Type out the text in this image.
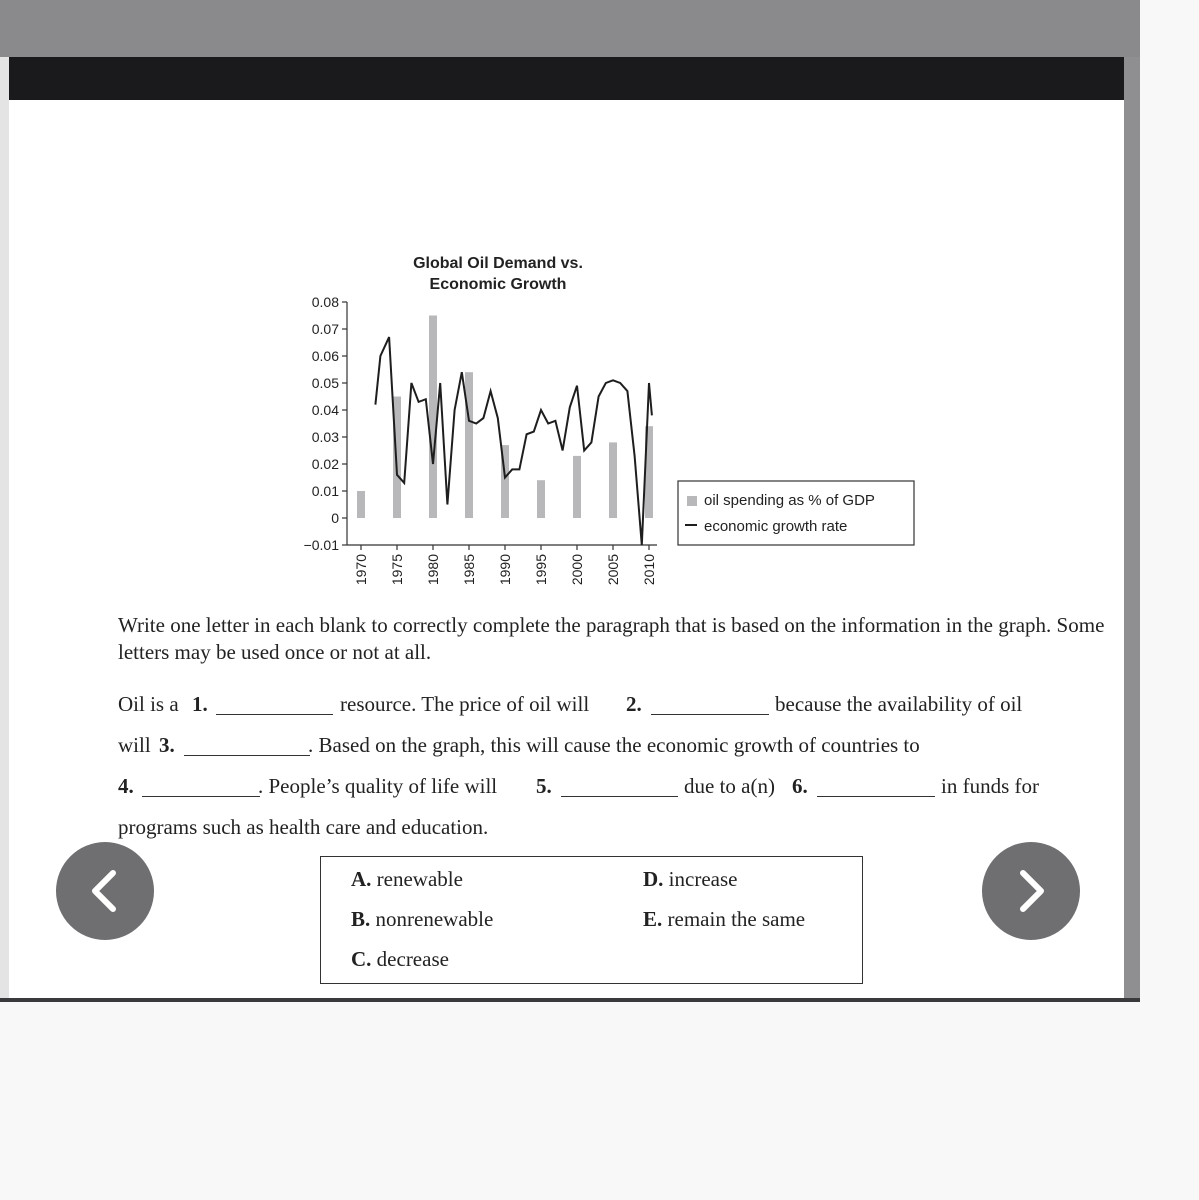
Global Oil Demand vs.
Economic Growth
0.08
0.07
0.06
0.05
0.04
0.03
0.02
0.01
0
−0.01
1970 1975 1980 1985 1990 1995 2000 2005 2010
oil spending as % of GDP
economic growth rate
Write one letter in each blank to correctly complete the paragraph that is based on the information in the graph. Some letters may be used once or not at all.
Oil is a 1.	resource. The price of oil will 2.	because the availability of oil
will 3.	. Based on the graph, this will cause the economic growth of countries to
4.	. People’s quality of life will 5.	due to a(n) 6.	in funds for
programs such as health care and education.
A. renewable
B. nonrenewable
C. decrease
D. increase
E. remain the same
